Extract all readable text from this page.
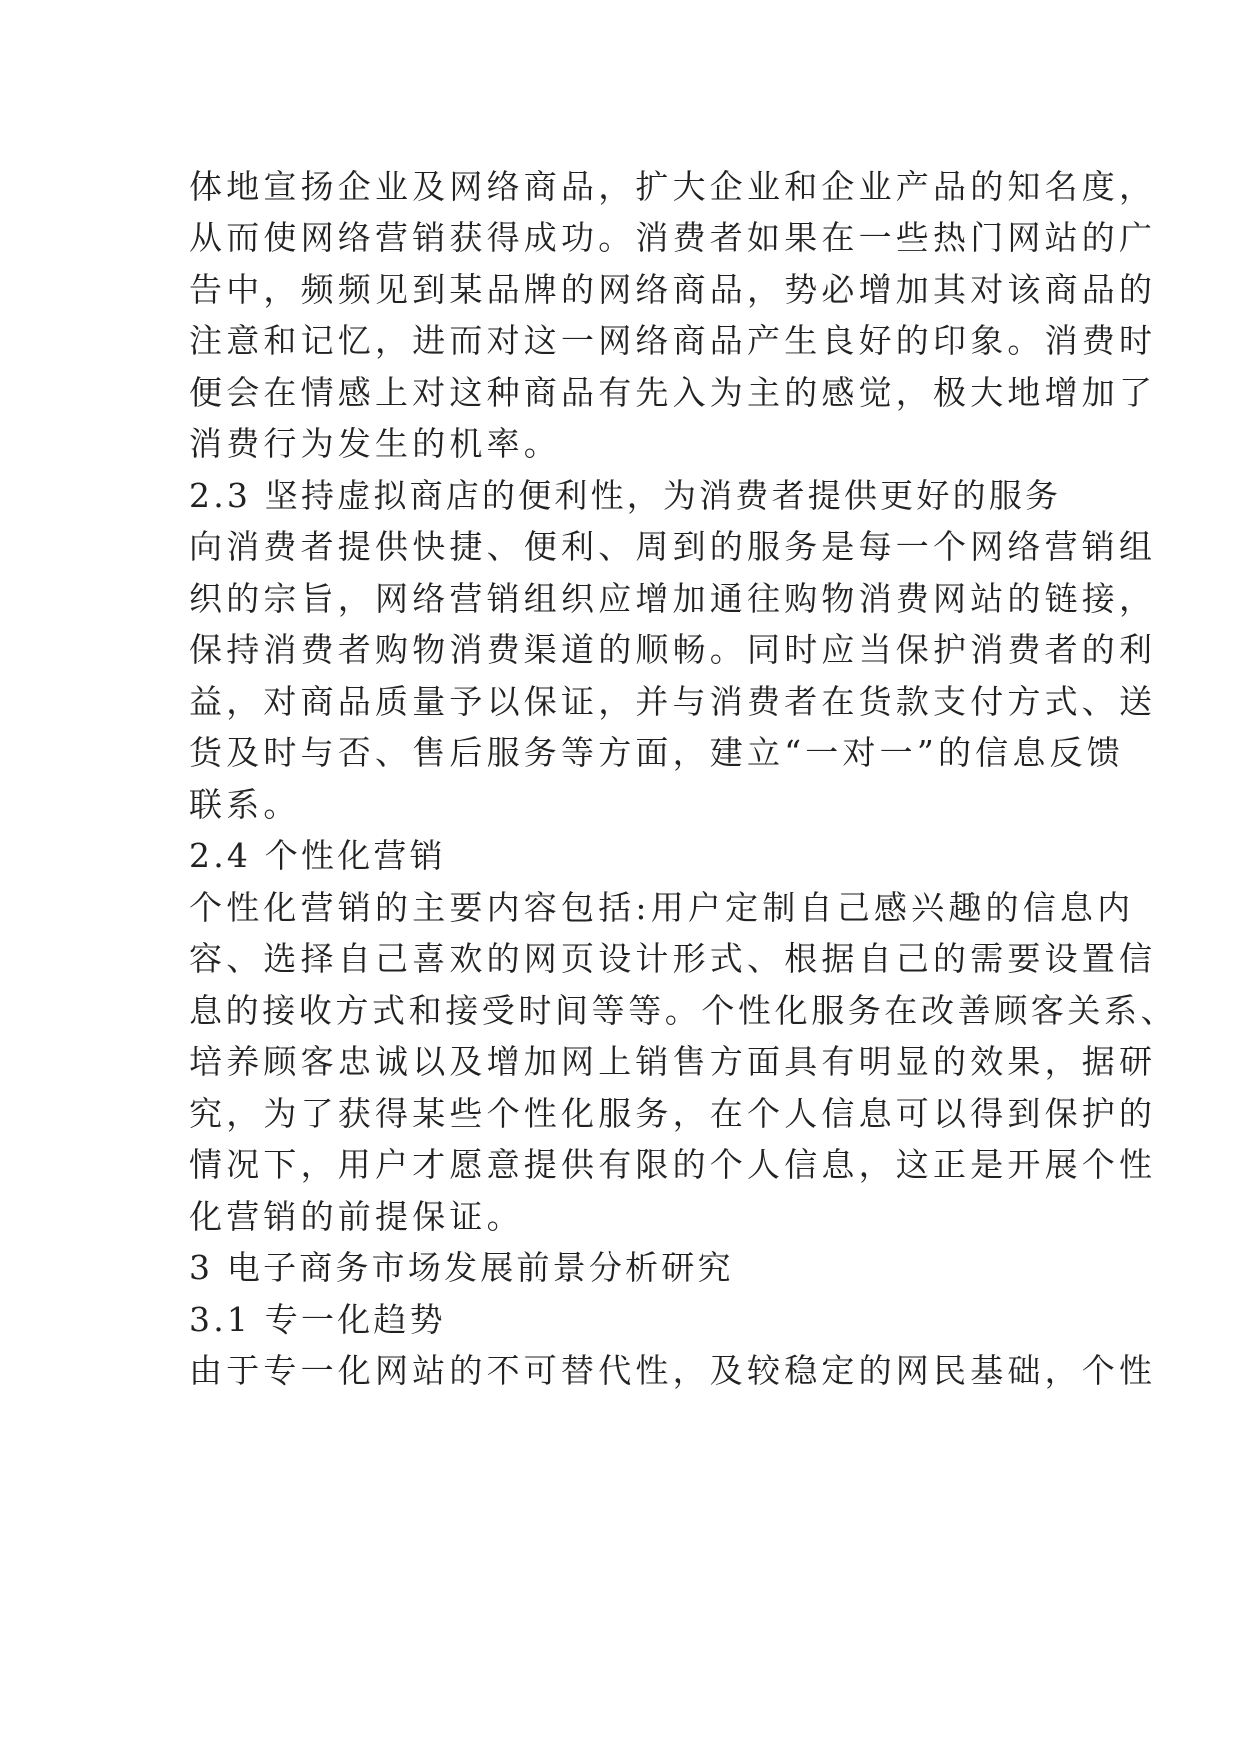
体地宣扬企业及网络商品，扩大企业和企业产品的知名度，
从而使网络营销获得成功。消费者如果在一些热门网站的广
告中，频频见到某品牌的网络商品，势必增加其对该商品的
注意和记忆，进而对这一网络商品产生良好的印象。消费时
便会在情感上对这种商品有先入为主的感觉，极大地增加了
消费行为发生的机率。
2.3 坚持虚拟商店的便利性，为消费者提供更好的服务
向消费者提供快捷、便利、周到的服务是每一个网络营销组
织的宗旨，网络营销组织应增加通往购物消费网站的链接，
保持消费者购物消费渠道的顺畅。同时应当保护消费者的利
益，对商品质量予以保证，并与消费者在货款支付方式、送
货及时与否、售后服务等方面，建立“一对一”的信息反馈
联系。
2.4 个性化营销
个性化营销的主要内容包括:用户定制自己感兴趣的信息内
容、选择自己喜欢的网页设计形式、根据自己的需要设置信
息的接收方式和接受时间等等。个性化服务在改善顾客关系、
培养顾客忠诚以及增加网上销售方面具有明显的效果，据研
究，为了获得某些个性化服务，在个人信息可以得到保护的
情况下，用户才愿意提供有限的个人信息，这正是开展个性
化营销的前提保证。
3 电子商务市场发展前景分析研究
3.1 专一化趋势
由于专一化网站的不可替代性，及较稳定的网民基础，个性
